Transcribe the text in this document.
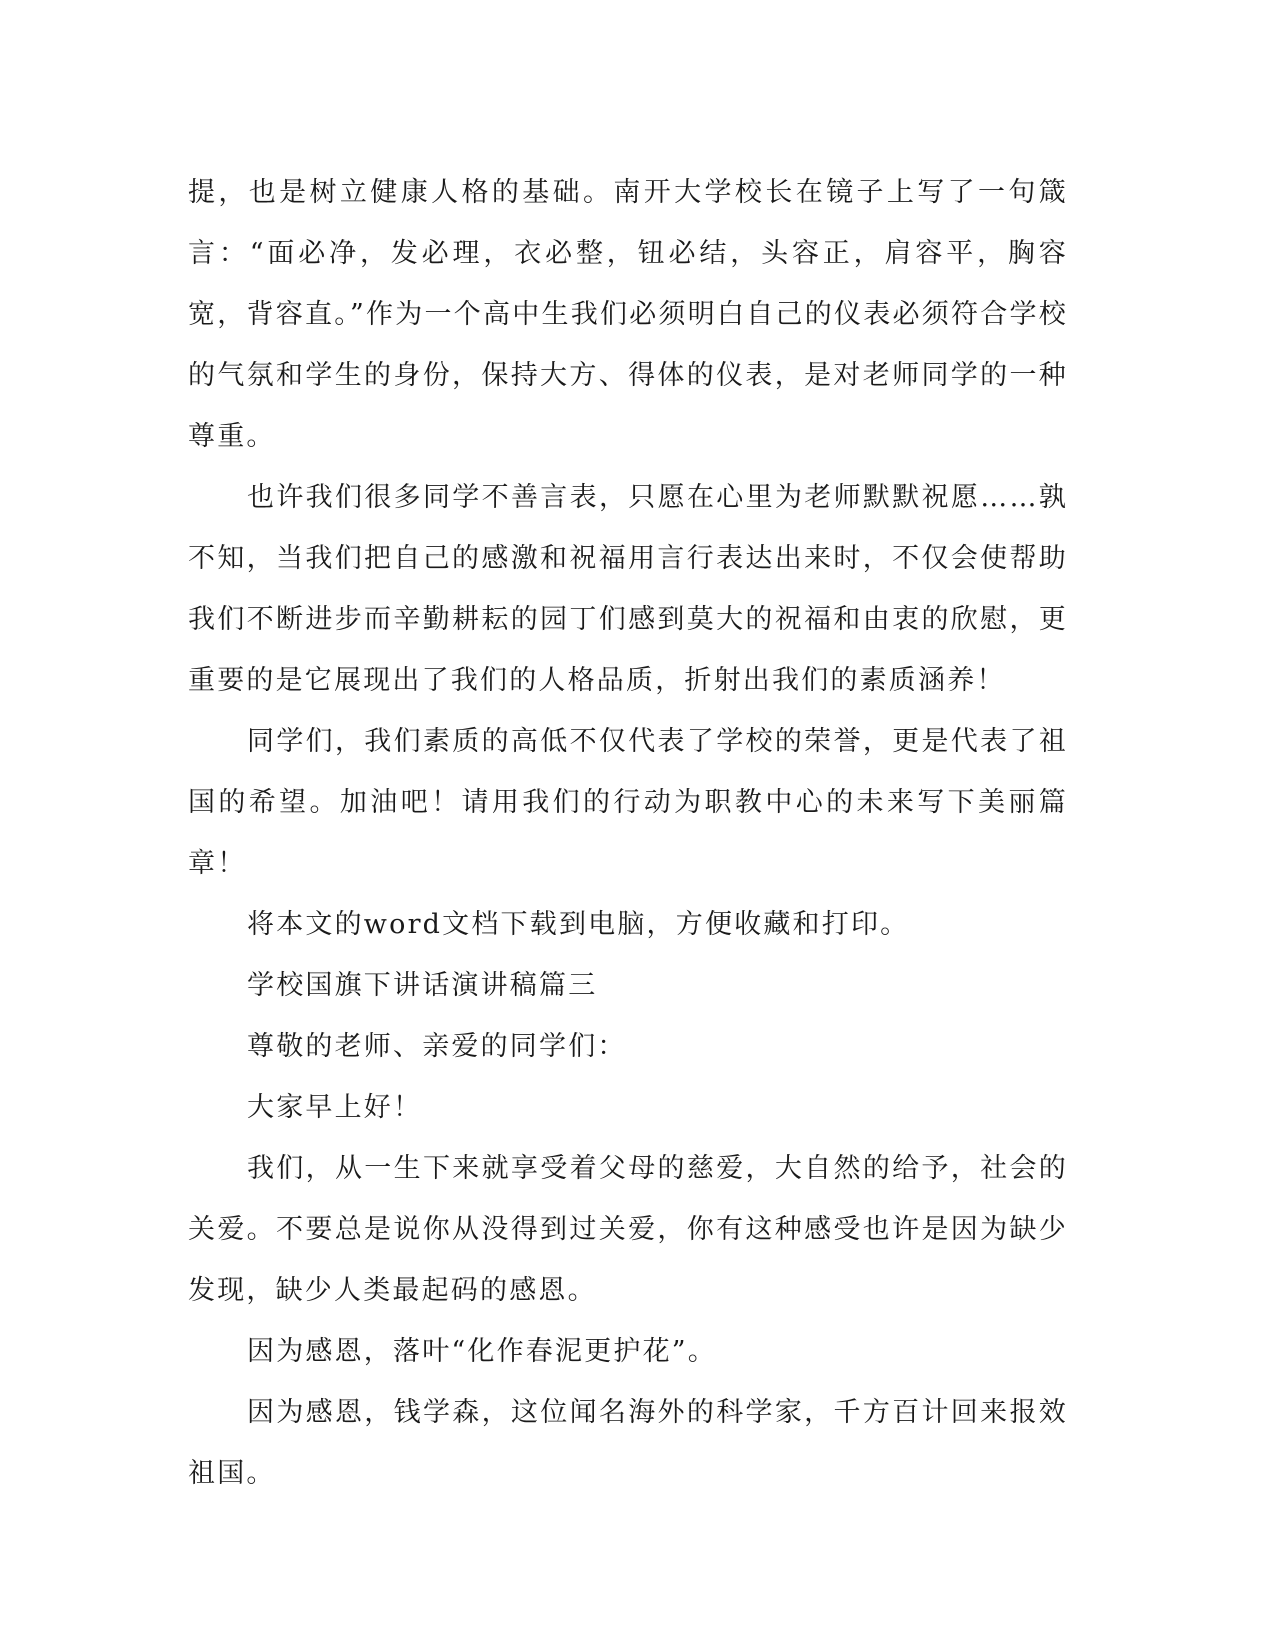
提，也是树立健康人格的基础。南开大学校长在镜子上写了一句箴言：“面必净，发必理，衣必整，钮必结，头容正，肩容平，胸容宽，背容直。”作为一个高中生我们必须明白自己的仪表必须符合学校的气氛和学生的身份，保持大方、得体的仪表，是对老师同学的一种尊重。

也许我们很多同学不善言表，只愿在心里为老师默默祝愿……孰不知，当我们把自己的感激和祝福用言行表达出来时，不仅会使帮助我们不断进步而辛勤耕耘的园丁们感到莫大的祝福和由衷的欣慰，更重要的是它展现出了我们的人格品质，折射出我们的素质涵养！

同学们，我们素质的高低不仅代表了学校的荣誉，更是代表了祖国的希望。加油吧！请用我们的行动为职教中心的未来写下美丽篇章！

将本文的word文档下载到电脑，方便收藏和打印。

学校国旗下讲话演讲稿篇三

尊敬的老师、亲爱的同学们：

大家早上好！

我们，从一生下来就享受着父母的慈爱，大自然的给予，社会的关爱。不要总是说你从没得到过关爱，你有这种感受也许是因为缺少发现，缺少人类最起码的感恩。

因为感恩，落叶“化作春泥更护花”。

因为感恩，钱学森，这位闻名海外的科学家，千方百计回来报效祖国。
